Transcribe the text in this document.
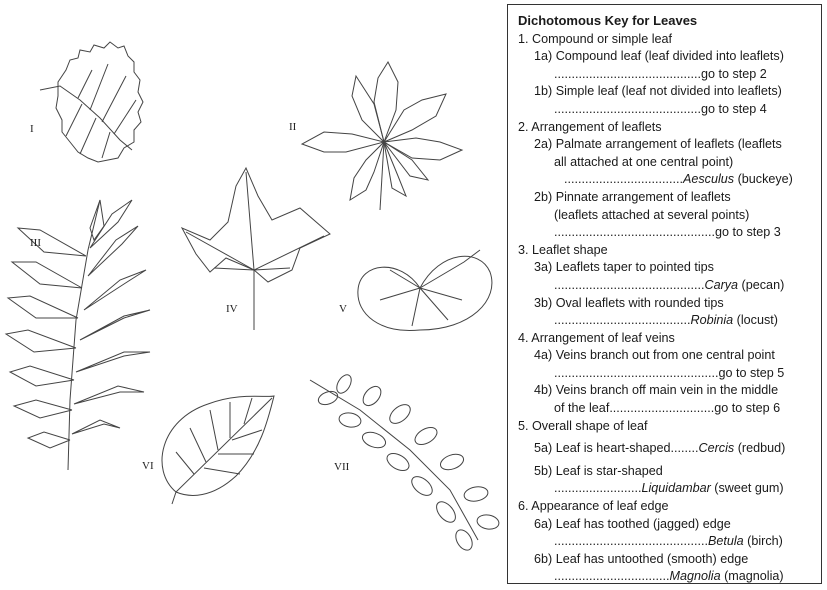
I	II
III
IV	V
VI	VII
Dichotomous Key for Leaves
1. Compound or simple leaf
1a) Compound leaf (leaf divided into leaflets)
..........................................go to step 2
1b) Simple leaf (leaf not divided into leaflets)
..........................................go to step 4
2. Arrangement of leaflets
2a) Palmate arrangement of leaflets (leaflets
all attached at one central point)
..................................Aesculus (buckeye)
2b) Pinnate arrangement of leaflets
(leaflets attached at several points)
..............................................go to step 3
3. Leaflet shape
3a) Leaflets taper to pointed tips
...........................................Carya (pecan)
3b) Oval leaflets with rounded tips
.......................................Robinia (locust)
4. Arrangement of leaf veins
4a) Veins branch out from one central point
...............................................go to step 5
4b) Veins branch off main vein in the middle
of the leaf..............................go to step 6
5. Overall shape of leaf
5a) Leaf is heart-shaped........Cercis (redbud)
5b) Leaf is star-shaped
.........................Liquidambar (sweet gum)
6. Appearance of leaf edge
6a) Leaf has toothed (jagged) edge
............................................Betula (birch)
6b) Leaf has untoothed (smooth) edge
.................................Magnolia (magnolia)
